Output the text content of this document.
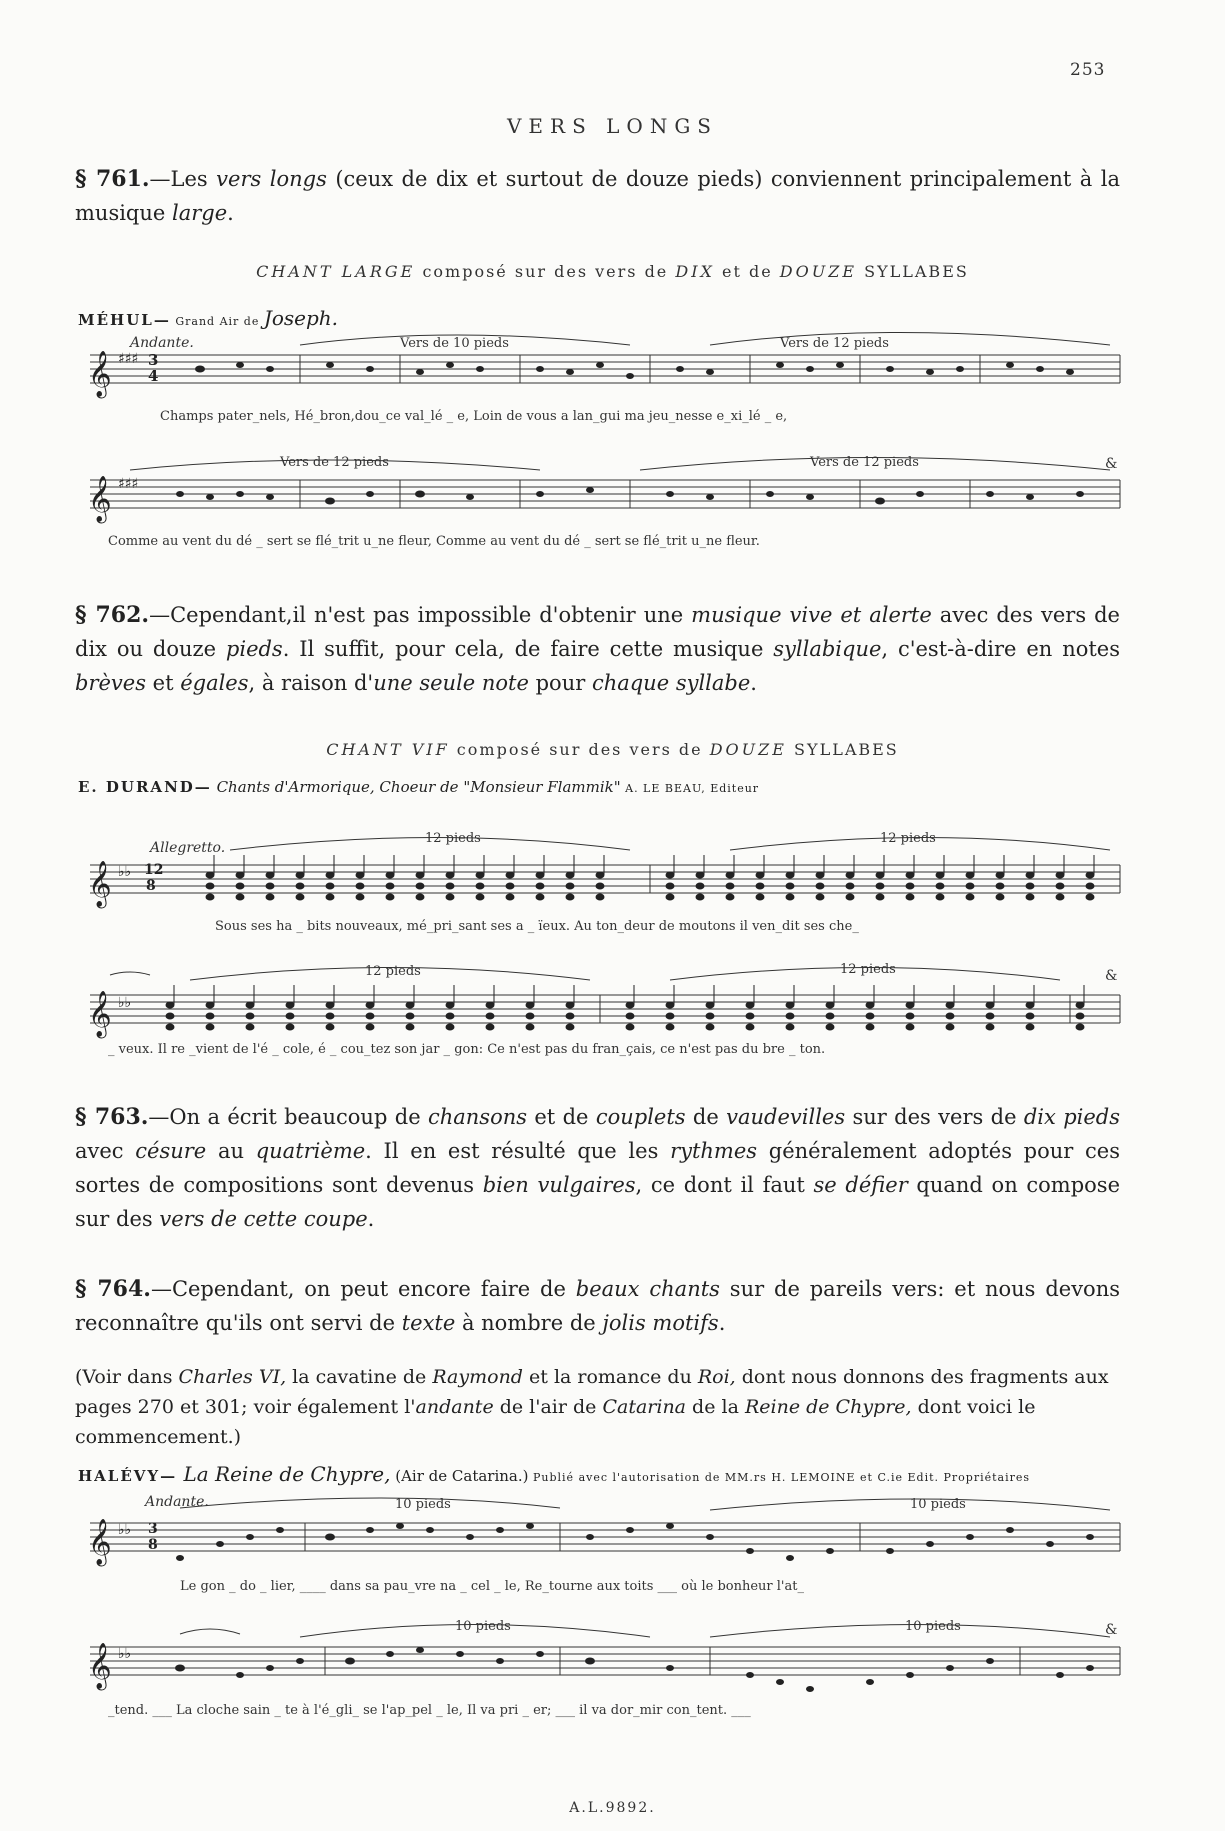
253
VERS LONGS
§ 761.—Les vers longs (ceux de dix et surtout de douze pieds) conviennent principalement à la musique large.
CHANT LARGE composé sur des vers de DIX et de DOUZE SYLLABES
MÉHUL— Grand Air de Joseph.
𝄞 ♯♯♯ 3
4
Andante.	Vers de 10 pieds	Vers de 12 pieds
Champs pater_nels, Hé_bron,dou_ce val_lé _ e, Loin de vous a lan_gui ma jeu_nesse e_xi_lé _ e,
𝄞 ♯♯♯
Vers de 12 pieds	Vers de 12 pieds	&
Comme au vent du dé _ sert se flé_trit u_ne fleur, Comme au vent du dé _ sert se flé_trit u_ne fleur.
§ 762.—Cependant,il n'est pas impossible d'obtenir une musique vive et alerte avec des vers de dix ou douze pieds. Il suffit, pour cela, de faire cette musique syllabique, c'est-à-dire en notes brèves et égales, à raison d'une seule note pour chaque syllabe.
CHANT VIF composé sur des vers de DOUZE SYLLABES
E. DURAND— Chants d'Armorique, Choeur de "Monsieur Flammik" A. LE BEAU, Editeur
𝄞 ♭♭ 12
8
Allegretto.
12 pieds	12 pieds
Sous ses ha _ bits nouveaux, mé_pri_sant ses a _ ïeux. Au ton_deur de moutons il ven_dit ses che_
𝄞 ♭♭
12 pieds	12 pieds	&
_ veux. Il re _vient de l'é _ cole, é _ cou_tez son jar _ gon: Ce n'est pas du fran_çais, ce n'est pas du bre _ ton.
§ 763.—On a écrit beaucoup de chansons et de couplets de vaudevilles sur des vers de dix pieds avec césure au quatrième. Il en est résulté que les rythmes généralement adoptés pour ces sortes de compositions sont devenus bien vulgaires, ce dont il faut se défier quand on compose sur des vers de cette coupe.
§ 764.—Cependant, on peut encore faire de beaux chants sur de pareils vers: et nous devons reconnaître qu'ils ont servi de texte à nombre de jolis motifs.
(Voir dans Charles VI, la cavatine de Raymond et la romance du Roi, dont nous donnons des fragments aux pages 270 et 301; voir également l'andante de l'air de Catarina de la Reine de Chypre, dont voici le commencement.)
HALÉVY— La Reine de Chypre, (Air de Catarina.) Publié avec l'autorisation de MM.rs H. LEMOINE et C.ie Edit. Propriétaires
𝄞 ♭♭ 3
8
Andante.	10 pieds	10 pieds
Le gon _ do _ lier, ____ dans sa pau_vre na _ cel _ le, Re_tourne aux toits ___ où le bonheur l'at_
𝄞 ♭♭
10 pieds	10 pieds	&
_tend. ___ La cloche sain _ te à l'é_gli_ se l'ap_pel _ le, Il va pri _ er; ___ il va dor_mir con_tent. ___
A.L.9892.
